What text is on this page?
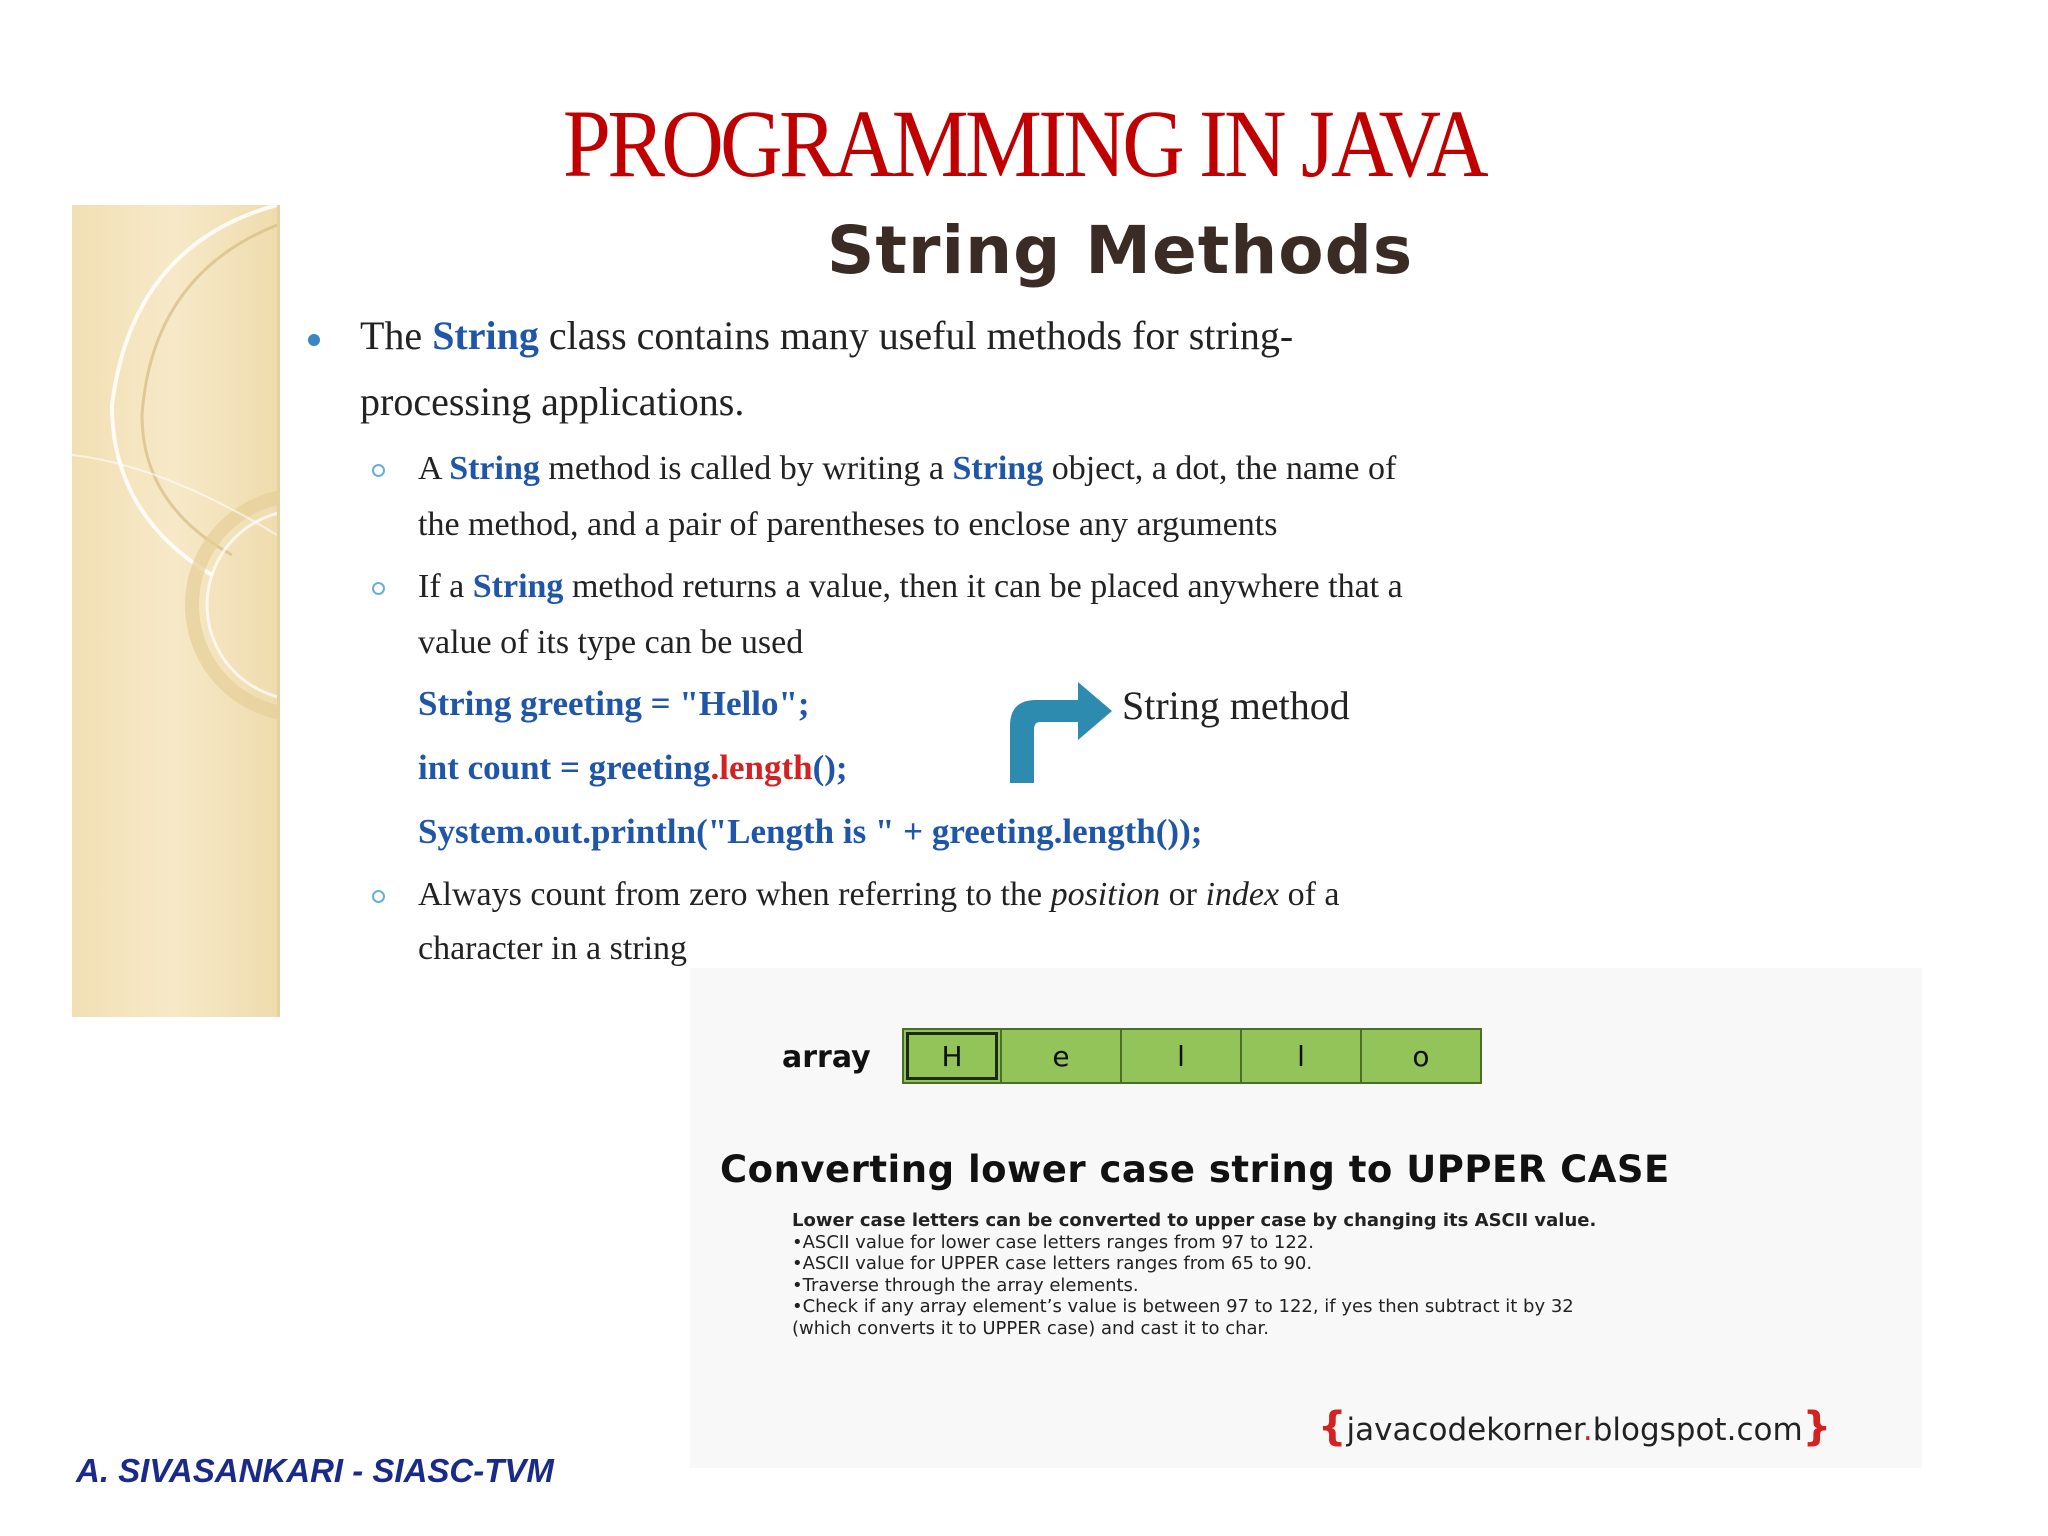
PROGRAMMING IN JAVA
String Methods
The String class contains many useful methods for string-
processing applications.
A String method is called by writing a String object, a dot, the name of
the method, and a pair of parentheses to enclose any arguments
If a String method returns a value, then it can be placed anywhere that a
value of its type can be used
String greeting = "Hello";
int count = greeting.length();
System.out.println("Length is " + greeting.length());
String method
Always count from zero when referring to the position or index of a
character in a string
array	H	e	l	l	o
Converting lower case string to UPPER CASE
Lower case letters can be converted to upper case by changing its ASCII value.
•ASCII value for lower case letters ranges from 97 to 122.
•ASCII value for UPPER case letters ranges from 65 to 90.
•Traverse through the array elements.
•Check if any array element’s value is between 97 to 122, if yes then subtract it by 32
(which converts it to UPPER case) and cast it to char.
{javacodekorner.blogspot.com}
A. SIVASANKARI - SIASC-TVM
